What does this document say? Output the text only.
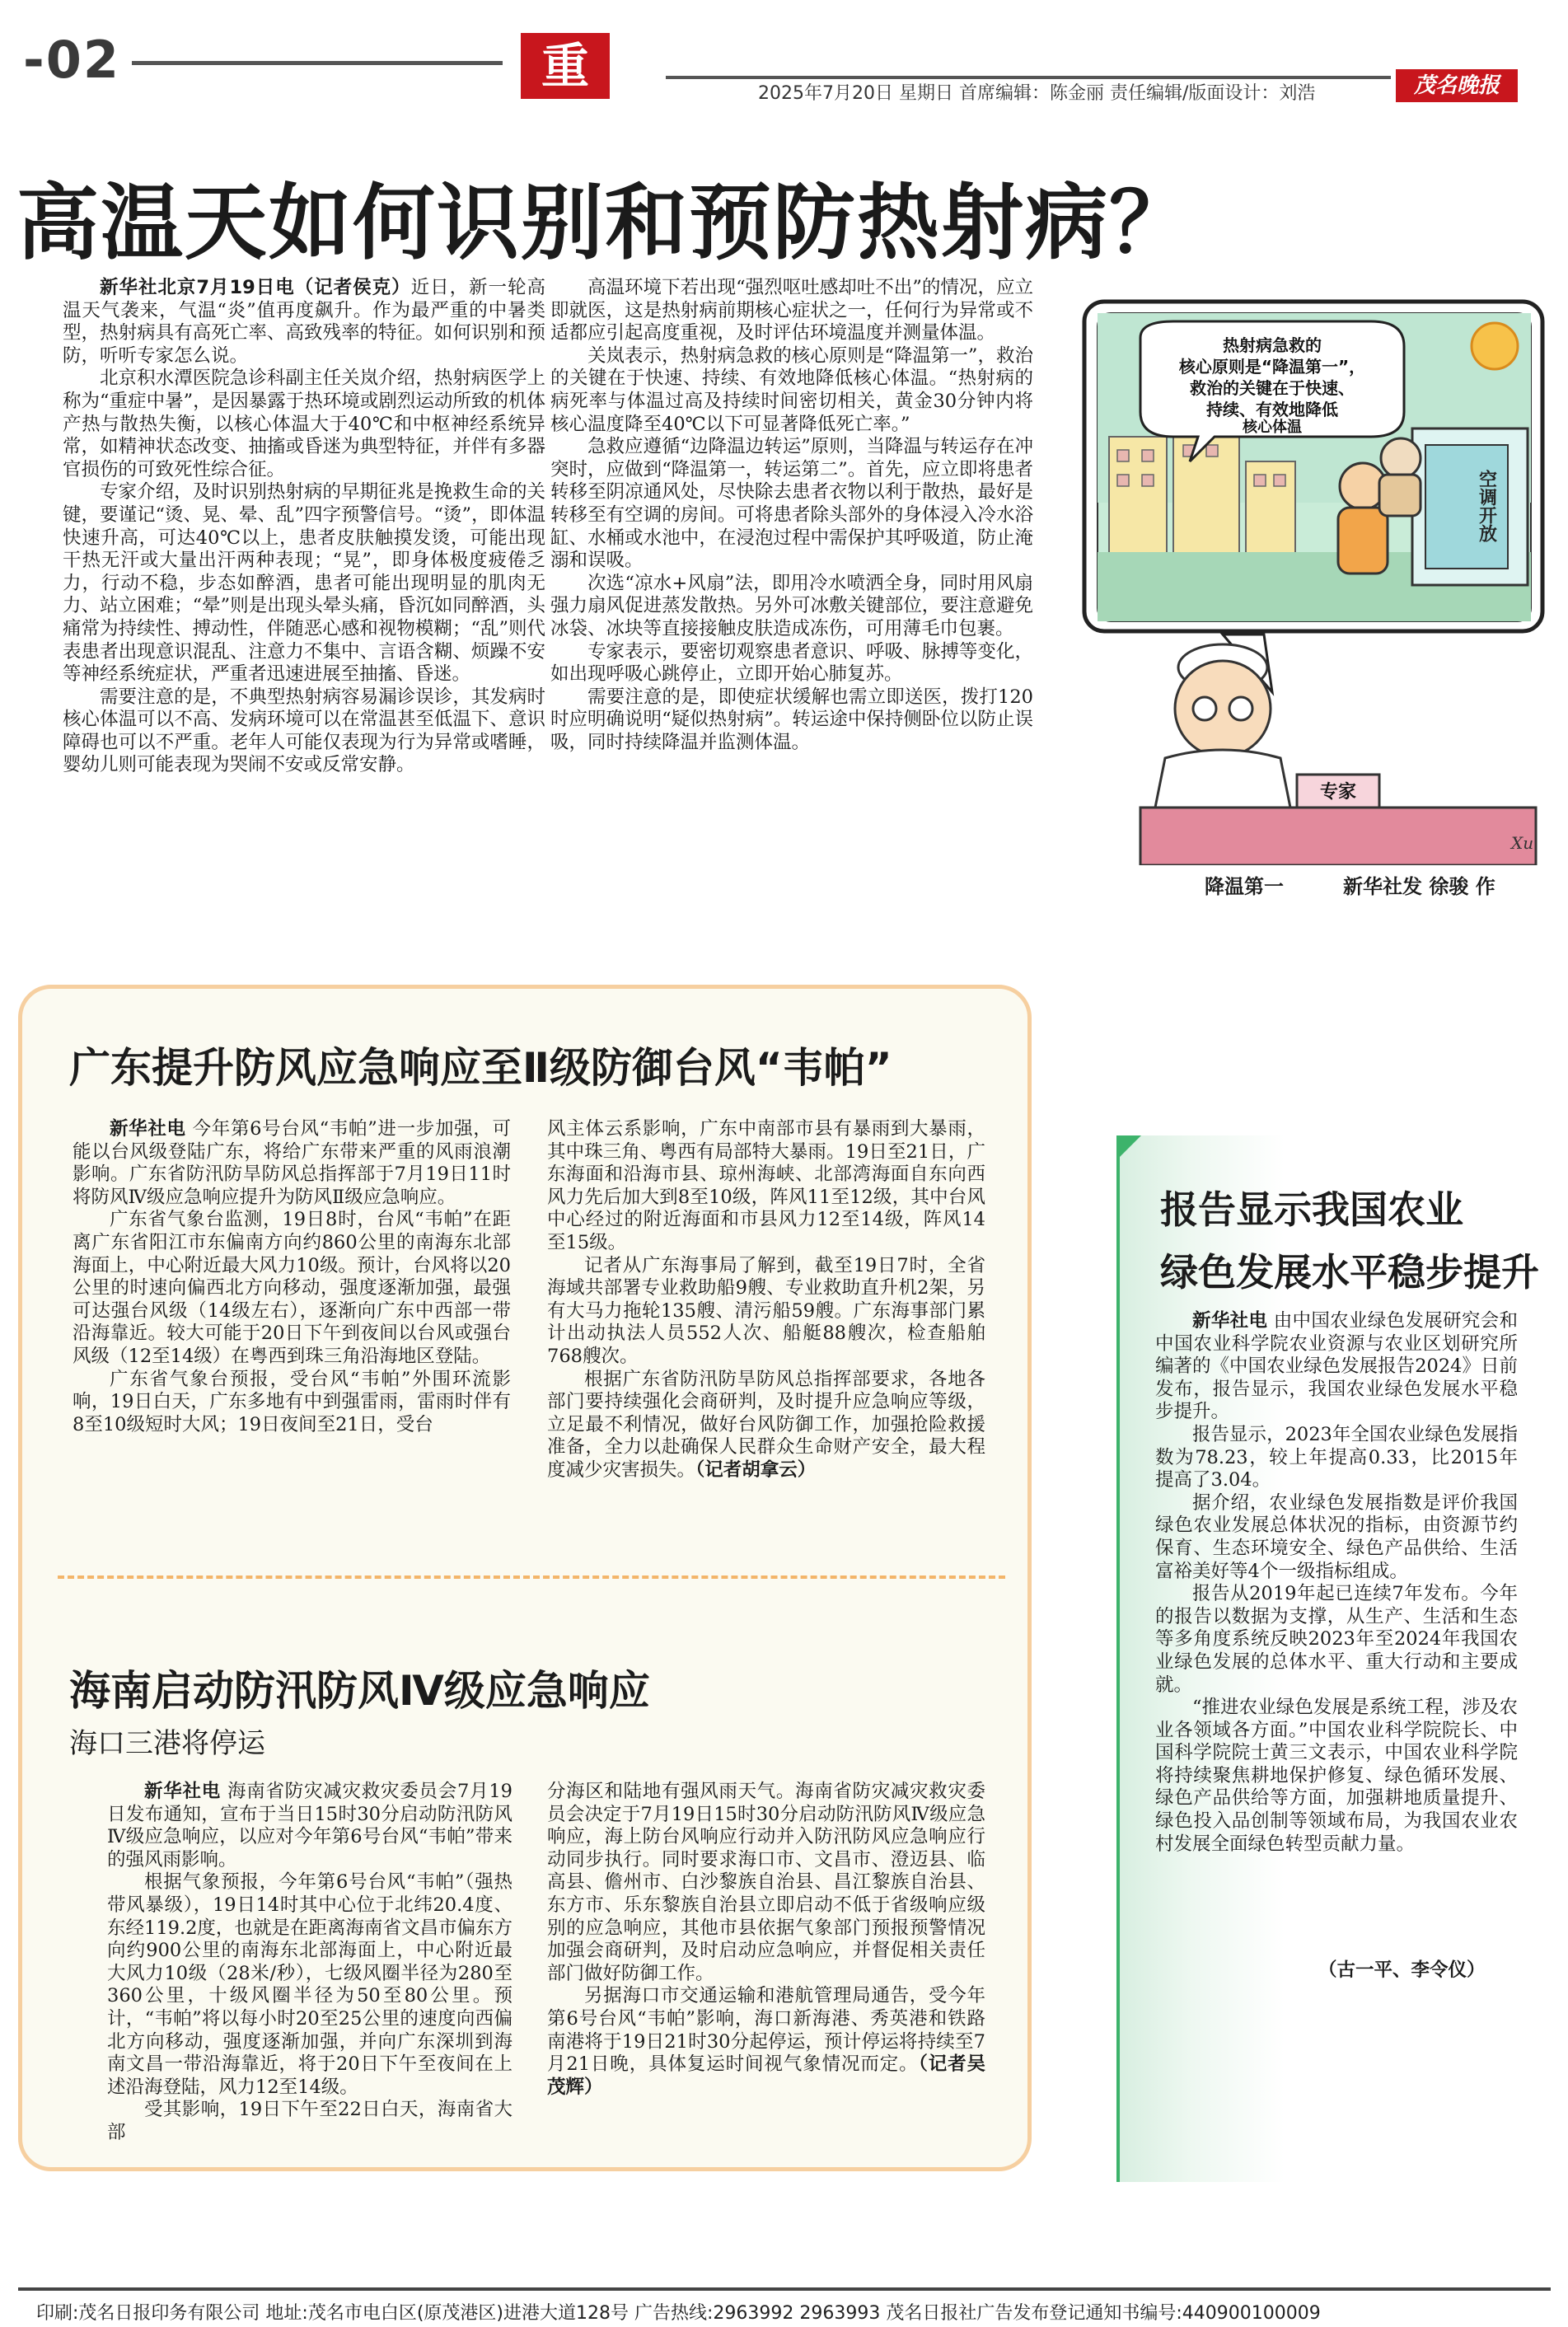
-02	重点
2025年7月20日 星期日 首席编辑：陈金丽 责任编辑/版面设计：刘浩	茂名晚报
高温天如何识别和预防热射病？

新华社北京7月19日电（记者侯克）近日，新一轮高温天气袭来，气温“炎”值再度飙升。作为最严重的中暑类型，热射病具有高死亡率、高致残率的特征。如何识别和预防，听听专家怎么说。

北京积水潭医院急诊科副主任关岚介绍，热射病医学上称为“重症中暑”，是因暴露于热环境或剧烈运动所致的机体产热与散热失衡，以核心体温大于40℃和中枢神经系统异常，如精神状态改变、抽搐或昏迷为典型特征，并伴有多器官损伤的可致死性综合征。

专家介绍，及时识别热射病的早期征兆是挽救生命的关键，要谨记“烫、晃、晕、乱”四字预警信号。“烫”，即体温快速升高，可达40℃以上，患者皮肤触摸发烫，可能出现干热无汗或大量出汗两种表现；“晃”，即身体极度疲倦乏力，行动不稳，步态如醉酒，患者可能出现明显的肌肉无力、站立困难；“晕”则是出现头晕头痛，昏沉如同醉酒，头痛常为持续性、搏动性，伴随恶心感和视物模糊；“乱”则代表患者出现意识混乱、注意力不集中、言语含糊、烦躁不安等神经系统症状，严重者迅速进展至抽搐、昏迷。

需要注意的是，不典型热射病容易漏诊误诊，其发病时核心体温可以不高、发病环境可以在常温甚至低温下、意识障碍也可以不严重。老年人可能仅表现为行为异常或嗜睡，婴幼儿则可能表现为哭闹不安或反常安静。

高温环境下若出现“强烈呕吐感却吐不出”的情况，应立即就医，这是热射病前期核心症状之一，任何行为异常或不适都应引起高度重视，及时评估环境温度并测量体温。

关岚表示，热射病急救的核心原则是“降温第一”，救治的关键在于快速、持续、有效地降低核心体温。“热射病的病死率与体温过高及持续时间密切相关，黄金30分钟内将核心温度降至40℃以下可显著降低死亡率。”

急救应遵循“边降温边转运”原则，当降温与转运存在冲突时，应做到“降温第一，转运第二”。首先，应立即将患者转移至阴凉通风处，尽快除去患者衣物以利于散热，最好是转移至有空调的房间。可将患者除头部外的身体浸入冷水浴缸、水桶或水池中，在浸泡过程中需保护其呼吸道，防止淹溺和误吸。

次选“凉水+风扇”法，即用冷水喷洒全身，同时用风扇强力扇风促进蒸发散热。另外可冰敷关键部位，要注意避免冰袋、冰块等直接接触皮肤造成冻伤，可用薄毛巾包裹。

专家表示，要密切观察患者意识、呼吸、脉搏等变化，如出现呼吸心跳停止，立即开始心肺复苏。

需要注意的是，即使症状缓解也需立即送医，拨打120时应明确说明“疑似热射病”。转运途中保持侧卧位以防止误吸，同时持续降温并监测体温。

热射病急救的
核心原则是“降温第一”，
救治的关键在于快速、
持续、有效地降低
核心体温
空调开放
专家
Xu
降温第一	新华社发 徐骏 作
广东提升防风应急响应至Ⅱ级防御台风“韦帕”

新华社电 今年第6号台风“韦帕”进一步加强，可能以台风级登陆广东，将给广东带来严重的风雨浪潮影响。广东省防汛防旱防风总指挥部于7月19日11时将防风Ⅳ级应急响应提升为防风Ⅱ级应急响应。

广东省气象台监测，19日8时，台风“韦帕”在距离广东省阳江市东偏南方向约860公里的南海东北部海面上，中心附近最大风力10级。预计，台风将以20公里的时速向偏西北方向移动，强度逐渐加强，最强可达强台风级（14级左右），逐渐向广东中西部一带沿海靠近。较大可能于20日下午到夜间以台风或强台风级（12至14级）在粤西到珠三角沿海地区登陆。

广东省气象台预报，受台风“韦帕”外围环流影响，19日白天，广东多地有中到强雷雨，雷雨时伴有8至10级短时大风；19日夜间至21日，受台

风主体云系影响，广东中南部市县有暴雨到大暴雨，其中珠三角、粤西有局部特大暴雨。19日至21日，广东海面和沿海市县、琼州海峡、北部湾海面自东向西风力先后加大到8至10级，阵风11至12级，其中台风中心经过的附近海面和市县风力12至14级，阵风14至15级。

记者从广东海事局了解到，截至19日7时，全省海域共部署专业救助船9艘、专业救助直升机2架，另有大马力拖轮135艘、清污船59艘。广东海事部门累计出动执法人员552人次、船艇88艘次，检查船舶768艘次。

根据广东省防汛防旱防风总指挥部要求，各地各部门要持续强化会商研判，及时提升应急响应等级，立足最不利情况，做好台风防御工作，加强抢险救援准备，全力以赴确保人民群众生命财产安全，最大程度减少灾害损失。（记者胡拿云）

海南启动防汛防风Ⅳ级应急响应
海口三港将停运

新华社电 海南省防灾减灾救灾委员会7月19日发布通知，宣布于当日15时30分启动防汛防风Ⅳ级应急响应，以应对今年第6号台风“韦帕”带来的强风雨影响。

根据气象预报，今年第6号台风“韦帕”（强热带风暴级），19日14时其中心位于北纬20.4度、东经119.2度，也就是在距离海南省文昌市偏东方向约900公里的南海东北部海面上，中心附近最大风力10级（28米/秒），七级风圈半径为280至360公里，十级风圈半径为50至80公里。预计，“韦帕”将以每小时20至25公里的速度向西偏北方向移动，强度逐渐加强，并向广东深圳到海南文昌一带沿海靠近，将于20日下午至夜间在上述沿海登陆，风力12至14级。

受其影响，19日下午至22日白天，海南省大部

分海区和陆地有强风雨天气。海南省防灾减灾救灾委员会决定于7月19日15时30分启动防汛防风Ⅳ级应急响应，海上防台风响应行动并入防汛防风应急响应行动同步执行。同时要求海口市、文昌市、澄迈县、临高县、儋州市、白沙黎族自治县、昌江黎族自治县、东方市、乐东黎族自治县立即启动不低于省级响应级别的应急响应，其他市县依据气象部门预报预警情况加强会商研判，及时启动应急响应，并督促相关责任部门做好防御工作。

另据海口市交通运输和港航管理局通告，受今年第6号台风“韦帕”影响，海口新海港、秀英港和铁路南港将于19日21时30分起停运，预计停运将持续至7月21日晚，具体复运时间视气象情况而定。（记者吴茂辉）

报告显示我国农业
绿色发展水平稳步提升

新华社电 由中国农业绿色发展研究会和中国农业科学院农业资源与农业区划研究所编著的《中国农业绿色发展报告2024》日前发布，报告显示，我国农业绿色发展水平稳步提升。

报告显示，2023年全国农业绿色发展指数为78.23，较上年提高0.33，比2015年提高了3.04。

据介绍，农业绿色发展指数是评价我国绿色农业发展总体状况的指标，由资源节约保育、生态环境安全、绿色产品供给、生活富裕美好等4个一级指标组成。

报告从2019年起已连续7年发布。今年的报告以数据为支撑，从生产、生活和生态等多角度系统反映2023年至2024年我国农业绿色发展的总体水平、重大行动和主要成就。

“推进农业绿色发展是系统工程，涉及农业各领域各方面。”中国农业科学院院长、中国科学院院士黄三文表示，中国农业科学院将持续聚焦耕地保护修复、绿色循环发展、绿色产品供给等方面，加强耕地质量提升、绿色投入品创制等领域布局，为我国农业农村发展全面绿色转型贡献力量。

（古一平、李令仪）
印刷:茂名日报印务有限公司 地址:茂名市电白区(原茂港区)进港大道128号 广告热线:2963992 2963993 茂名日报社广告发布登记通知书编号:440900100009
